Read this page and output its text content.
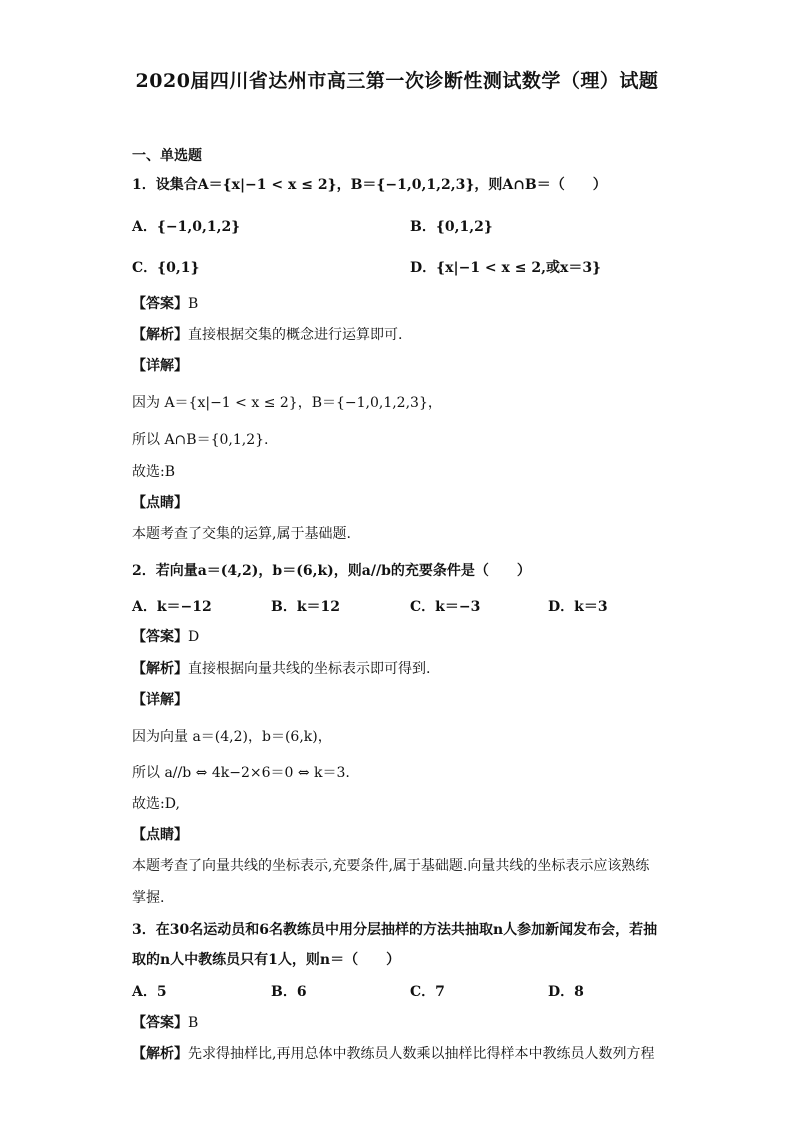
2020届四川省达州市高三第一次诊断性测试数学（理）试题
一、单选题
1．设集合A＝{x|−1 < x ≤ 2}，B＝{−1,0,1,2,3}，则A∩B＝（　　）
A．{−1,0,1,2}	B．{0,1,2}
C．{0,1}	D．{x|−1 < x ≤ 2,或x＝3}
【答案】B
【解析】直接根据交集的概念进行运算即可.
【详解】
因为 A＝{x|−1 < x ≤ 2}，B＝{−1,0,1,2,3}，
所以 A∩B＝{0,1,2}.
故选:B
【点睛】
本题考查了交集的运算,属于基础题.
2．若向量a＝(4,2)，b＝(6,k)，则a//b的充要条件是（　　）
A．k＝−12	B．k＝12	C．k＝−3	D．k＝3
【答案】D
【解析】直接根据向量共线的坐标表示即可得到.
【详解】
因为向量 a＝(4,2)，b＝(6,k)，
所以 a//b ⇔ 4k−2×6＝0 ⇔ k＝3.
故选:D,
【点睛】
本题考查了向量共线的坐标表示,充要条件,属于基础题.向量共线的坐标表示应该熟练
掌握.
3．在30名运动员和6名教练员中用分层抽样的方法共抽取n人参加新闻发布会，若抽
取的n人中教练员只有1人，则n＝（　　）
A．5	B．6	C．7	D．8
【答案】B
【解析】先求得抽样比,再用总体中教练员人数乘以抽样比得样本中教练员人数列方程
